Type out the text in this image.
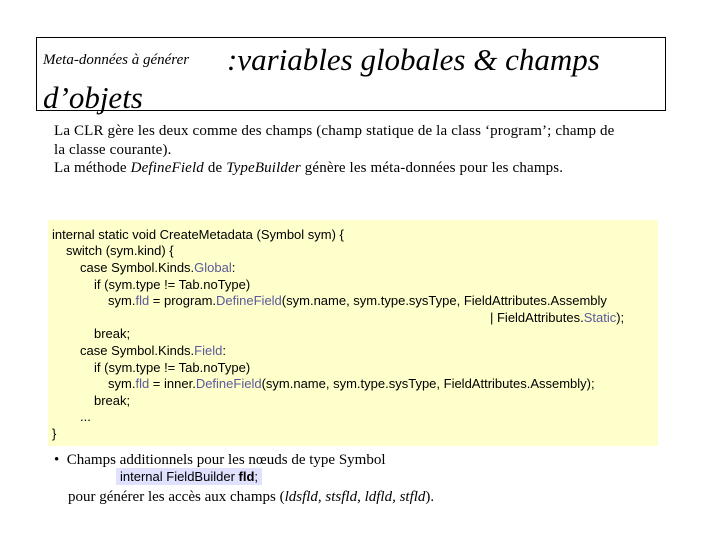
Meta-données à générer :variables globales & champs
d’objets

La CLR gère les deux comme des champs (champ statique de la class ‘program’; champ de

la classe courante).

La méthode DefineField de TypeBuilder génère les méta-données pour les champs.

internal static void CreateMetadata (Symbol sym) {
switch (sym.kind) {
case Symbol.Kinds.Global:
if (sym.type != Tab.noType)
sym.fld = program.DefineField(sym.name, sym.type.sysType, FieldAttributes.Assembly
| FieldAttributes.Static);
break;
case Symbol.Kinds.Field:
if (sym.type != Tab.noType)
sym.fld = inner.DefineField(sym.name, sym.type.sysType, FieldAttributes.Assembly);
break;
...
}
• Champs additionnels pour les nœuds de type Symbol
internal FieldBuilder fld;
pour générer les accès aux champs (ldsfld, stsfld, ldfld, stfld).
